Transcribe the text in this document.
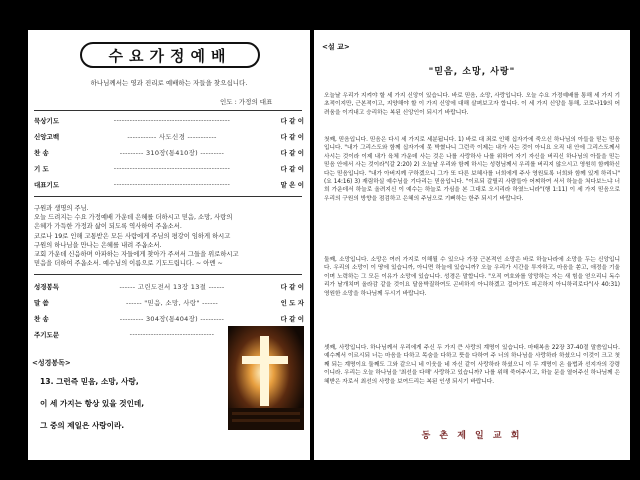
수요가정예배
하나님께서는 영과 진리로 예배하는 자들을 찾으십니다.
인도 : 가정의 대표
묵상기도	--------------------------------------------	다 같 이
신앙고백	----------- 사도신경 -----------	다 같 이
찬 송	--------- 310장(통410장) ---------	다 같 이
기 도	--------------------------------------------	다 같 이
대표기도	--------------------------------------------	맡 은 이
구원과 생명의 주님.
오늘 드려지는 수요 가정예배 가운데 은혜를 더하시고 믿음, 소망, 사랑의
은혜가 가득한 가정과 삶이 되도록 역사하여 주옵소서.
코로나 19로 인해 고통받은 모든 사람에게 주님의 평강이 임하게 하시고
구원의 하나님을 만나는 은혜를 내려 주옵소서.
교회 가운데 신음하며 아파하는 자들에게 찾아가 주셔서 그들을 위로하시고
믿음을 더하여 주옵소서. 예수님의 이름으로 기도드립니다. ~ 아멘 ~
성경봉독	------ 고린도전서 13장 13절 ------	다 같 이
말 씀	------ "믿음, 소망, 사랑" ------	인 도 자
찬 송	--------- 304장(통404장) ---------	다 같 이
주기도문	--------------------------------
<성경봉독>
13. 그런즉 믿음, 소망, 사랑,
이 세 가지는 항상 있을 것인데,
그 중의 제일은 사랑이라.
<설 교>
"믿음, 소망, 사랑"
오늘날 우리가 지켜야 할 세 가지 신앙이 있습니다. 바로 믿음, 소망, 사랑입니다. 오늘 수요 가정예배를 통해 세 가지 기초적이지만, 근본적이고, 지양해야 할 이 가지 신앙에 대해 살펴보고자 합니다. 이 세 가지 신앙을 통해, 코로나19의 어려움을 이겨내고 승리하는 복된 신앙인이 되시기 바랍니다.
첫째, 믿음입니다. 믿음은 다시 세 가지로 세분됩니다. 1) 바로 대 죄로 인해 십자가에 죽으신 하나님의 아들을 믿는 믿음입니다. "내가 그리스도와 함께 십자가에 못 박혔나니 그런즉 이제는 내가 사는 것이 아니요 오직 내 안에 그리스도께서 사시는 것이라 이제 내가 육체 가운데 사는 것은 나를 사랑하사 나를 위하여 자기 자신을 버리신 하나님의 아들을 믿는 믿음 안에서 사는 것이라"(갈 2:20) 2) 오늘날 우리와 함께 하시는 성령님께서 우리를 버리지 않으시고 영원히 함께하신다는 믿음입니다. "내가 아버지께 구하겠으니 그가 또 다른 보혜사를 너희에게 주사 영원토록 너희와 함께 있게 하리니"(요 14:16) 3) 재림하실 예수님을 기다리는 믿음입니다. "이르되 갈릴리 사람들아 어찌하여 서서 하늘을 쳐다보느냐 너희 가운데서 하늘로 올려지신 이 예수는 하늘로 가심을 본 그대로 오시리라 하였느니라"(행 1:11) 이 세 가지 믿음으로 우리의 구원의 방향을 점검하고 은혜의 주님으로 기뻐하는 한주 되시기 바랍니다.
둘째, 소망입니다. 소망은 여러 가지로 이해될 수 있으나 가장 근본적인 소망은 바로 하늘나라에 소망을 두는 신앙입니다. 우리의 소망이 이 땅에 있습니까, 아니면 하늘에 있습니까? 오늘 우리가 시간을 투자하고, 마음을 쏟고, 애정을 기울이며 노력하는 그 모든 이유가 소망에 있습니다. 성경은 말합니다. "오직 여호와를 앙망하는 자는 새 힘을 얻으리니 독수리가 날개치며 올라감 같을 것이요 달음박질하여도 곤비하지 아니하겠고 걸어가도 피곤하지 아니하리로다"(사 40:31) 영원한 소망을 하나님께 두시기 바랍니다.
셋째, 사랑입니다. 하나님께서 우리에게 주신 두 가지 큰 사랑의 계명이 있습니다. 마태복음 22장 37-40절 말씀입니다. 예수께서 이르시되 너는 마음을 다하고 목숨을 다하고 뜻을 다하여 주 너의 하나님을 사랑하라 하셨으니 이것이 크고 첫째 되는 계명이요 둘째도 그와 같으니 네 이웃을 네 자신 같이 사랑하라 하셨으니 이 두 계명이 온 율법과 선지자의 강령이니라. 우리는 오늘 하나님을 '최선을 다해' 사랑하고 있습니까? 나를 위해 죽어주시고, 하늘 문을 열어주신 하나님께 은혜받은 자로서 최선의 사랑을 보여드리는 복된 인생 되시기 바랍니다.
동 촌 제 일 교 회
